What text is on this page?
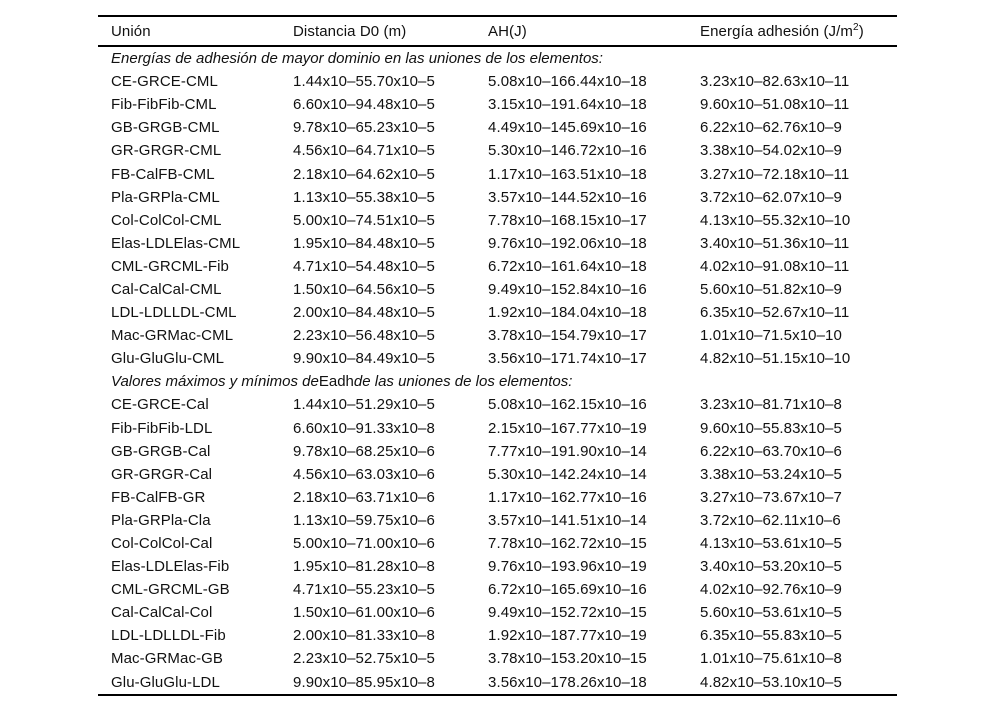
Unión	Distancia D0 (m)	AH(J)	Energía adhesión $(J/m^2)$
Energías de adhesión de mayor dominio en las uniones de los elementos:
CE-GRCE-CML	1.44x10–55.70x10–5	5.08x10–166.44x10–18	3.23x10–82.63x10–11
Fib-FibFib-CML	6.60x10–94.48x10–5	3.15x10–191.64x10–18	9.60x10–51.08x10–11
GB-GRGB-CML	9.78x10–65.23x10–5	4.49x10–145.69x10–16	6.22x10–62.76x10–9
GR-GRGR-CML	4.56x10–64.71x10–5	5.30x10–146.72x10–16	3.38x10–54.02x10–9
FB-CalFB-CML	2.18x10–64.62x10–5	1.17x10–163.51x10–18	3.27x10–72.18x10–11
Pla-GRPla-CML	1.13x10–55.38x10–5	3.57x10–144.52x10–16	3.72x10–62.07x10–9
Col-ColCol-CML	5.00x10–74.51x10–5	7.78x10–168.15x10–17	4.13x10–55.32x10–10
Elas-LDLElas-CML	1.95x10–84.48x10–5	9.76x10–192.06x10–18	3.40x10–51.36x10–11
CML-GRCML-Fib	4.71x10–54.48x10–5	6.72x10–161.64x10–18	4.02x10–91.08x10–11
Cal-CalCal-CML	1.50x10–64.56x10–5	9.49x10–152.84x10–16	5.60x10–51.82x10–9
LDL-LDLLDL-CML	2.00x10–84.48x10–5	1.92x10–184.04x10–18	6.35x10–52.67x10–11
Mac-GRMac-CML	2.23x10–56.48x10–5	3.78x10–154.79x10–17	1.01x10–71.5x10–10
Glu-GluGlu-CML	9.90x10–84.49x10–5	3.56x10–171.74x10–17	4.82x10–51.15x10–10
Valores máximos y mínimos de Eadh de las uniones de los elementos:
CE-GRCE-Cal	1.44x10–51.29x10–5	5.08x10–162.15x10–16	3.23x10–81.71x10–8
Fib-FibFib-LDL	6.60x10–91.33x10–8	2.15x10–167.77x10–19	9.60x10–55.83x10–5
GB-GRGB-Cal	9.78x10–68.25x10–6	7.77x10–191.90x10–14	6.22x10–63.70x10–6
GR-GRGR-Cal	4.56x10–63.03x10–6	5.30x10–142.24x10–14	3.38x10–53.24x10–5
FB-CalFB-GR	2.18x10–63.71x10–6	1.17x10–162.77x10–16	3.27x10–73.67x10–7
Pla-GRPla-Cla	1.13x10–59.75x10–6	3.57x10–141.51x10–14	3.72x10–62.11x10–6
Col-ColCol-Cal	5.00x10–71.00x10–6	7.78x10–162.72x10–15	4.13x10–53.61x10–5
Elas-LDLElas-Fib	1.95x10–81.28x10–8	9.76x10–193.96x10–19	3.40x10–53.20x10–5
CML-GRCML-GB	4.71x10–55.23x10–5	6.72x10–165.69x10–16	4.02x10–92.76x10–9
Cal-CalCal-Col	1.50x10–61.00x10–6	9.49x10–152.72x10–15	5.60x10–53.61x10–5
LDL-LDLLDL-Fib	2.00x10–81.33x10–8	1.92x10–187.77x10–19	6.35x10–55.83x10–5
Mac-GRMac-GB	2.23x10–52.75x10–5	3.78x10–153.20x10–15	1.01x10–75.61x10–8
Glu-GluGlu-LDL	9.90x10–85.95x10–8	3.56x10–178.26x10–18	4.82x10–53.10x10–5
